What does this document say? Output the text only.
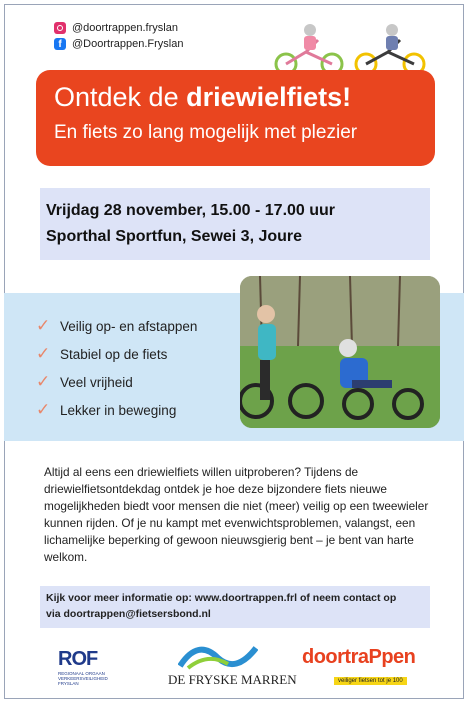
@doortrappen.fryslan
f @Doortrappen.Fryslan
Ontdek de driewielfiets!
En fiets zo lang mogelijk met plezier
Vrijdag 28 november, 15.00 - 17.00 uur
Sporthal Sportfun, Sewei 3, Joure
✓ Veilig op- en afstappen
✓ Stabiel op de fiets
✓ Veel vrijheid
✓ Lekker in beweging
Altijd al eens een driewielfiets willen uitproberen? Tijdens de driewielfietsontdekdag ontdek je hoe deze bijzondere fiets nieuwe mogelijkheden biedt voor mensen die niet (meer) veilig op een tweewieler kunnen rijden. Of je nu kampt met evenwichtsproblemen, valangst, een lichamelijke beperking of gewoon nieuwsgierig bent – je bent van harte welkom.
Kijk voor meer informatie op: www.doortrappen.frl of neem contact op
via doortrappen@fietsersbond.nl
ROF
REGIONAAL ORGAAN VERKEERSVEILIGHEID FRYSLAN	DE FRYSKE MARREN
doortraPpen
veiliger fietsen tot je 100
